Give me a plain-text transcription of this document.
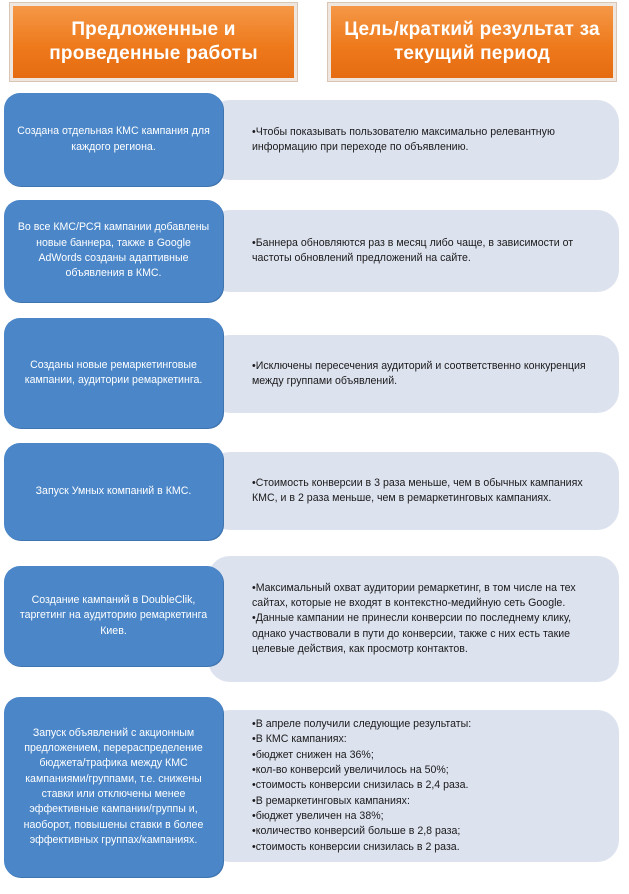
Предложенные и проведенные работы
Цель/краткий результат за текущий период
•Чтобы показывать пользователю максимально релевантную информацию при переходе по объявлению.
Создана отдельная КМС кампания для каждого региона.
•Баннера обновляются раз в месяц либо чаще, в зависимости от частоты обновлений предложений на сайте.
Во все КМС/РСЯ кампании добавлены новые баннера, также в Google AdWords созданы адаптивные объявления в КМС.
•Исключены пересечения аудиторий и соответственно конкуренция между группами объявлений.
Созданы новые ремаркетинговые кампании, аудитории ремаркетинга.
•Стоимость конверсии в 3 раза меньше, чем в обычных кампаниях КМС, и в 2 раза меньше, чем в ремаркетинговых кампаниях.
Запуск Умных компаний в КМС.
•Максимальный охват аудитории ремаркетинг, в том числе на тех сайтах, которые не входят в контекстно-медийную сеть Google.
•Данные кампании не принесли конверсии по последнему клику, однако участвовали в пути до конверсии, также с них есть такие целевые действия, как просмотр контактов.
Создание кампаний в DoubleClik, таргетинг на аудиторию ремаркетинга Киев.
•В апреле получили следующие результаты:
•В КМС кампаниях:
•бюджет снижен на 36%;
•кол-во конверсий увеличилось на 50%;
•стоимость конверсии снизилась в 2,4 раза.
•В ремаркетинговых кампаниях:
•бюджет увеличен на 38%;
•количество конверсий больше в 2,8 раза;
•стоимость конверсии снизилась в 2 раза.
Запуск объявлений с акционным предложением, перераспределение бюджета/трафика между КМС кампаниями/группами, т.е. снижены ставки или отключены менее эффективные кампании/группы и, наоборот, повышены ставки в более эффективных группах/кампаниях.
